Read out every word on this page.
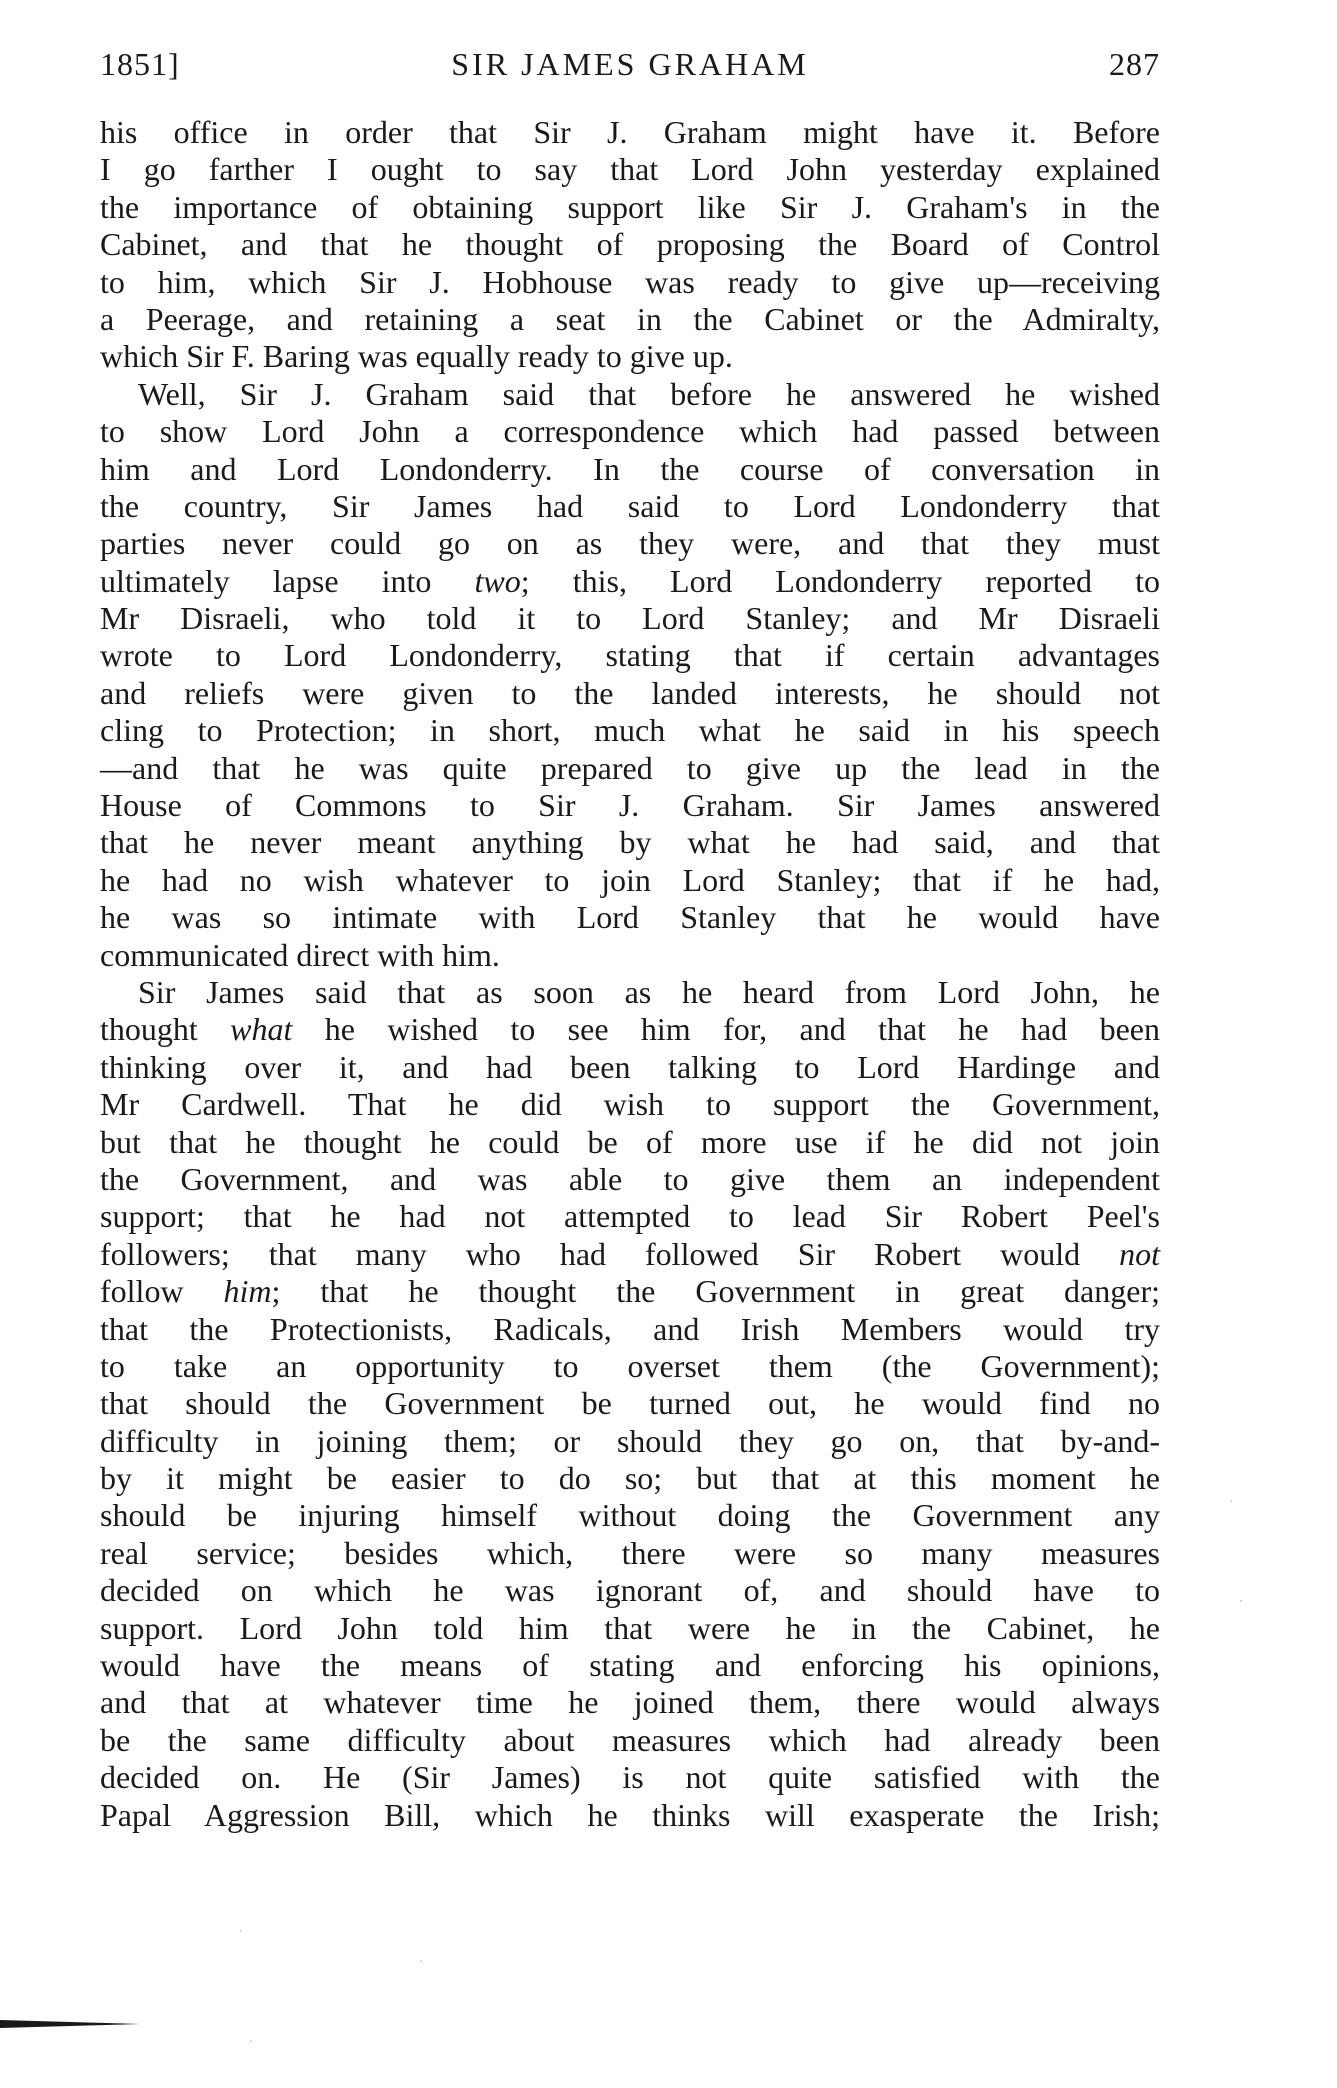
1851]	SIR JAMES GRAHAM	287
his office in order that Sir J. Graham might have it. Before
I go farther I ought to say that Lord John yesterday explained
the importance of obtaining support like Sir J. Graham's in the
Cabinet, and that he thought of proposing the Board of Control
to him, which Sir J. Hobhouse was ready to give up—receiving
a Peerage, and retaining a seat in the Cabinet or the Admiralty,
which Sir F. Baring was equally ready to give up.
Well, Sir J. Graham said that before he answered he wished
to show Lord John a correspondence which had passed between
him and Lord Londonderry. In the course of conversation in
the country, Sir James had said to Lord Londonderry that
parties never could go on as they were, and that they must
ultimately lapse into two; this, Lord Londonderry reported to
Mr Disraeli, who told it to Lord Stanley; and Mr Disraeli
wrote to Lord Londonderry, stating that if certain advantages
and reliefs were given to the landed interests, he should not
cling to Protection; in short, much what he said in his speech
—and that he was quite prepared to give up the lead in the
House of Commons to Sir J. Graham. Sir James answered
that he never meant anything by what he had said, and that
he had no wish whatever to join Lord Stanley; that if he had,
he was so intimate with Lord Stanley that he would have
communicated direct with him.
Sir James said that as soon as he heard from Lord John, he
thought what he wished to see him for, and that he had been
thinking over it, and had been talking to Lord Hardinge and
Mr Cardwell. That he did wish to support the Government,
but that he thought he could be of more use if he did not join
the Government, and was able to give them an independent
support; that he had not attempted to lead Sir Robert Peel's
followers; that many who had followed Sir Robert would not
follow him; that he thought the Government in great danger;
that the Protectionists, Radicals, and Irish Members would try
to take an opportunity to overset them (the Government);
that should the Government be turned out, he would find no
difficulty in joining them; or should they go on, that by-and-
by it might be easier to do so; but that at this moment he
should be injuring himself without doing the Government any
real service; besides which, there were so many measures
decided on which he was ignorant of, and should have to
support. Lord John told him that were he in the Cabinet, he
would have the means of stating and enforcing his opinions,
and that at whatever time he joined them, there would always
be the same difficulty about measures which had already been
decided on. He (Sir James) is not quite satisfied with the
Papal Aggression Bill, which he thinks will exasperate the Irish;
